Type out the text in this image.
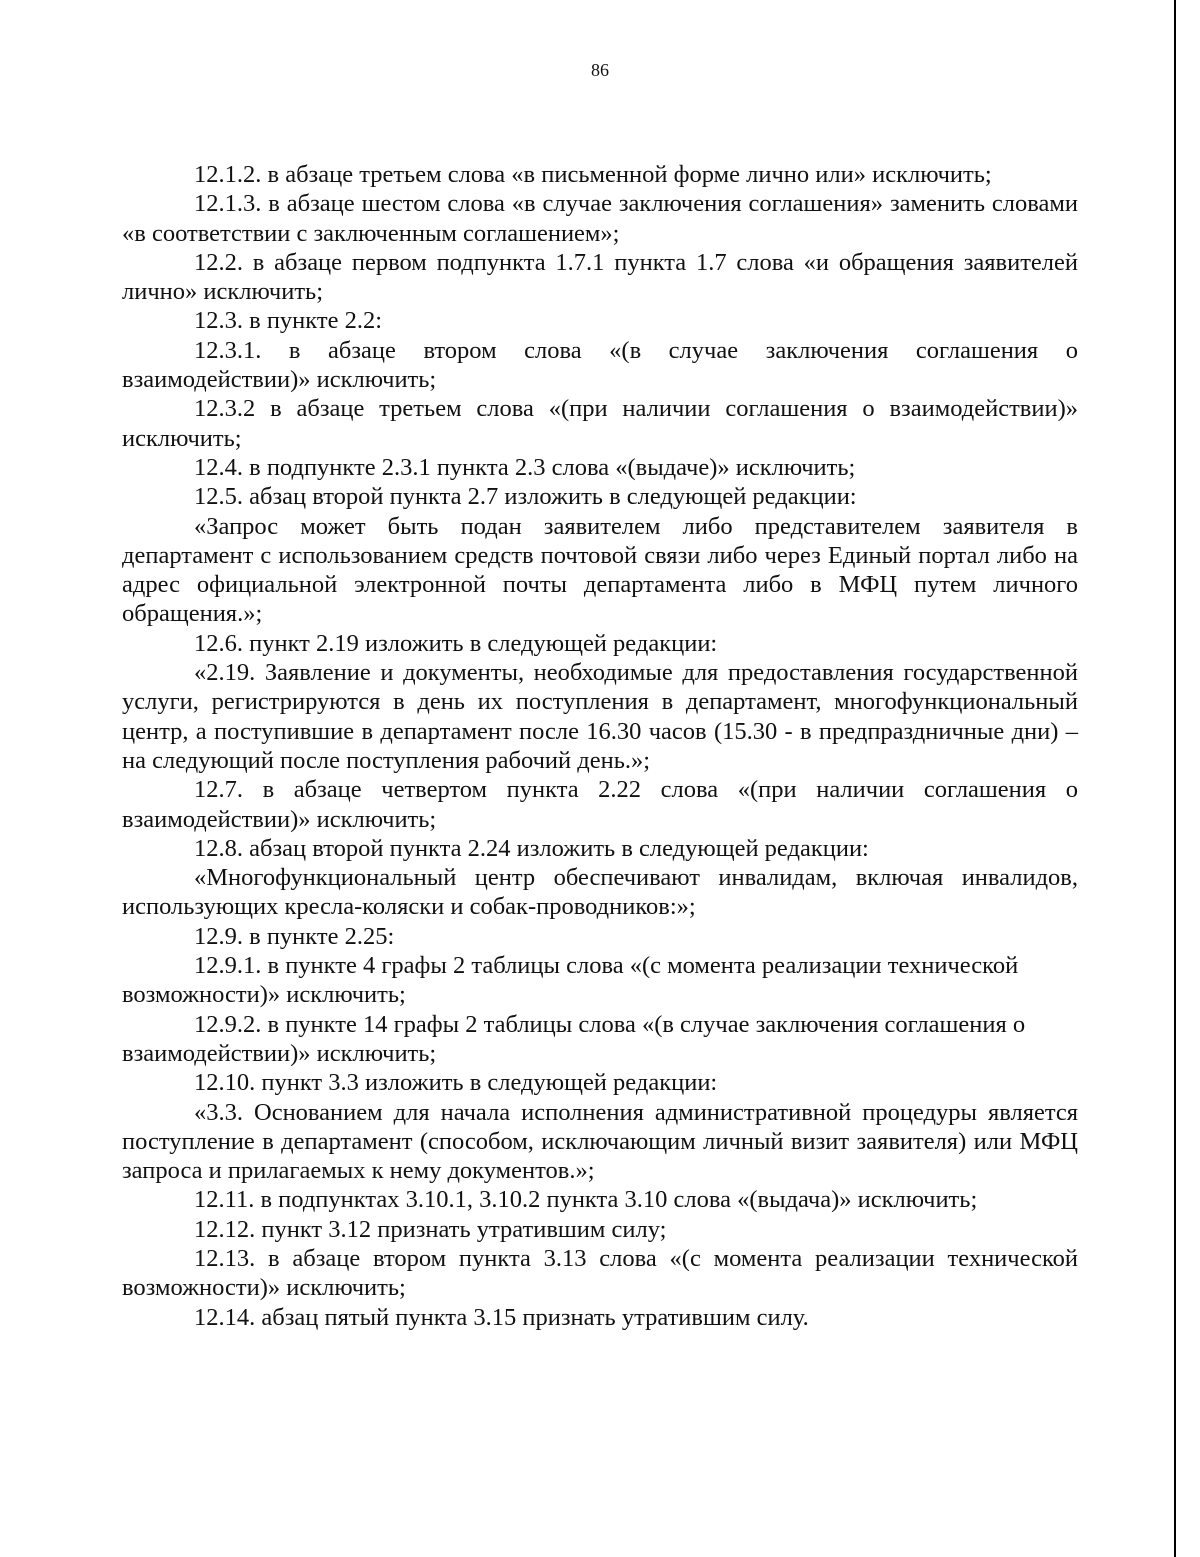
86

12.1.2. в абзаце третьем слова «в письменной форме лично или» исключить;

12.1.3. в абзаце шестом слова «в случае заключения соглашения» заменить словами «в соответствии с заключенным соглашением»;

12.2. в абзаце первом подпункта 1.7.1 пункта 1.7 слова «и обращения заявителей лично» исключить;

12.3. в пункте 2.2:

12.3.1. в абзаце втором слова «(в случае заключения соглашения о взаимодействии)» исключить;

12.3.2 в абзаце третьем слова «(при наличии соглашения о взаимодействии)» исключить;

12.4. в подпункте 2.3.1 пункта 2.3 слова «(выдаче)» исключить;

12.5. абзац второй пункта 2.7 изложить в следующей редакции:

«Запрос может быть подан заявителем либо представителем заявителя в департамент с использованием средств почтовой связи либо через Единый портал либо на адрес официальной электронной почты департамента либо в МФЦ путем личного обращения.»;

12.6. пункт 2.19 изложить в следующей редакции:

«2.19. Заявление и документы, необходимые для предоставления государственной услуги, регистрируются в день их поступления в департамент, многофункциональный центр, а поступившие в департамент после 16.30 часов (15.30 - в предпраздничные дни) – на следующий после поступления рабочий день.»;

12.7. в абзаце четвертом пункта 2.22 слова «(при наличии соглашения о взаимодействии)» исключить;

12.8. абзац второй пункта 2.24 изложить в следующей редакции:

«Многофункциональный центр обеспечивают инвалидам, включая инвалидов, использующих кресла-коляски и собак-проводников:»;

12.9. в пункте 2.25:

12.9.1. в пункте 4 графы 2 таблицы слова «(с момента реализации технической возможности)» исключить;

12.9.2. в пункте 14 графы 2 таблицы слова «(в случае заключения соглашения о взаимодействии)» исключить;

12.10. пункт 3.3 изложить в следующей редакции:

«3.3. Основанием для начала исполнения административной процедуры является поступление в департамент (способом, исключающим личный визит заявителя) или МФЦ запроса и прилагаемых к нему документов.»;

12.11. в подпунктах 3.10.1, 3.10.2 пункта 3.10 слова «(выдача)» исключить;

12.12. пункт 3.12 признать утратившим силу;

12.13. в абзаце втором пункта 3.13 слова «(с момента реализации технической возможности)» исключить;

12.14. абзац пятый пункта 3.15 признать утратившим силу.
